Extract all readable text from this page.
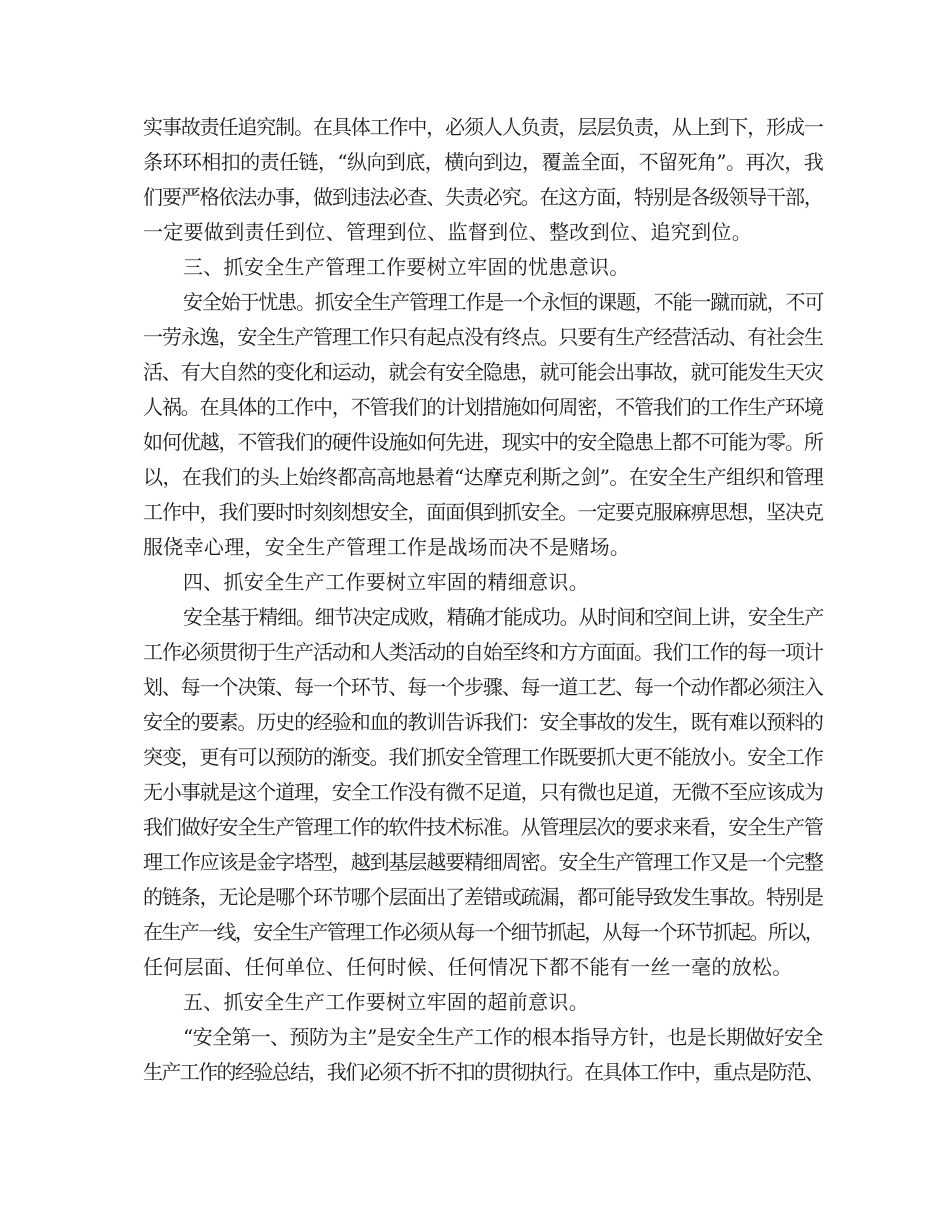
实事故责任追究制。在具体工作中，必须人人负责，层层负责，从上到下，形成一
条环环相扣的责任链，“纵向到底，横向到边，覆盖全面，不留死角”。再次，我
们要严格依法办事，做到违法必查、失责必究。在这方面，特别是各级领导干部，
一定要做到责任到位、管理到位、监督到位、整改到位、追究到位。
三、抓安全生产管理工作要树立牢固的忧患意识。
安全始于忧患。抓安全生产管理工作是一个永恒的课题，不能一蹴而就，不可
一劳永逸，安全生产管理工作只有起点没有终点。只要有生产经营活动、有社会生
活、有大自然的变化和运动，就会有安全隐患，就可能会出事故，就可能发生天灾
人祸。在具体的工作中，不管我们的计划措施如何周密，不管我们的工作生产环境
如何优越，不管我们的硬件设施如何先进，现实中的安全隐患上都不可能为零。所
以，在我们的头上始终都高高地悬着“达摩克利斯之剑”。在安全生产组织和管理
工作中，我们要时时刻刻想安全，面面俱到抓安全。一定要克服麻痹思想，坚决克
服侥幸心理，安全生产管理工作是战场而决不是赌场。
四、抓安全生产工作要树立牢固的精细意识。
安全基于精细。细节决定成败，精确才能成功。从时间和空间上讲，安全生产
工作必须贯彻于生产活动和人类活动的自始至终和方方面面。我们工作的每一项计
划、每一个决策、每一个环节、每一个步骤、每一道工艺、每一个动作都必须注入
安全的要素。历史的经验和血的教训告诉我们：安全事故的发生，既有难以预料的
突变，更有可以预防的渐变。我们抓安全管理工作既要抓大更不能放小。安全工作
无小事就是这个道理，安全工作没有微不足道，只有微也足道，无微不至应该成为
我们做好安全生产管理工作的软件技术标准。从管理层次的要求来看，安全生产管
理工作应该是金字塔型，越到基层越要精细周密。安全生产管理工作又是一个完整
的链条，无论是哪个环节哪个层面出了差错或疏漏，都可能导致发生事故。特别是
在生产一线，安全生产管理工作必须从每一个细节抓起，从每一个环节抓起。所以，
任何层面、任何单位、任何时候、任何情况下都不能有一丝一毫的放松。
五、抓安全生产工作要树立牢固的超前意识。
“安全第一、预防为主”是安全生产工作的根本指导方针，也是长期做好安全
生产工作的经验总结，我们必须不折不扣的贯彻执行。在具体工作中，重点是防范、
